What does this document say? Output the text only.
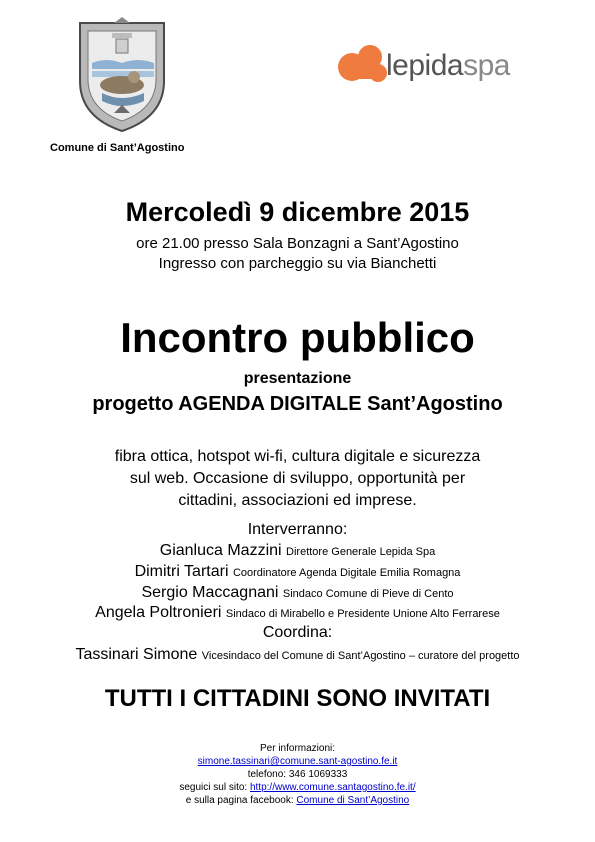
Comune di Sant’Agostino
lepidaspa
Mercoledì 9 dicembre 2015
ore 21.00 presso Sala Bonzagni a Sant’Agostino
Ingresso con parcheggio su via Bianchetti
Incontro pubblico
presentazione
progetto AGENDA DIGITALE Sant’Agostino
fibra ottica, hotspot wi-fi, cultura digitale e sicurezza
sul web. Occasione di sviluppo, opportunità per
cittadini, associazioni ed imprese.
Interverranno:
Gianluca Mazzini Direttore Generale Lepida Spa
Dimitri Tartari Coordinatore Agenda Digitale Emilia Romagna
Sergio Maccagnani Sindaco Comune di Pieve di Cento
Angela Poltronieri Sindaco di Mirabello e Presidente Unione Alto Ferrarese
Coordina:
Tassinari Simone Vicesindaco del Comune di Sant’Agostino – curatore del progetto
TUTTI I CITTADINI SONO INVITATI
Per informazioni:
simone.tassinari@comune.sant-agostino.fe.it
telefono: 346 1069333
seguici sul sito: http://www.comune.santagostino.fe.it/
e sulla pagina facebook: Comune di Sant’Agostino
